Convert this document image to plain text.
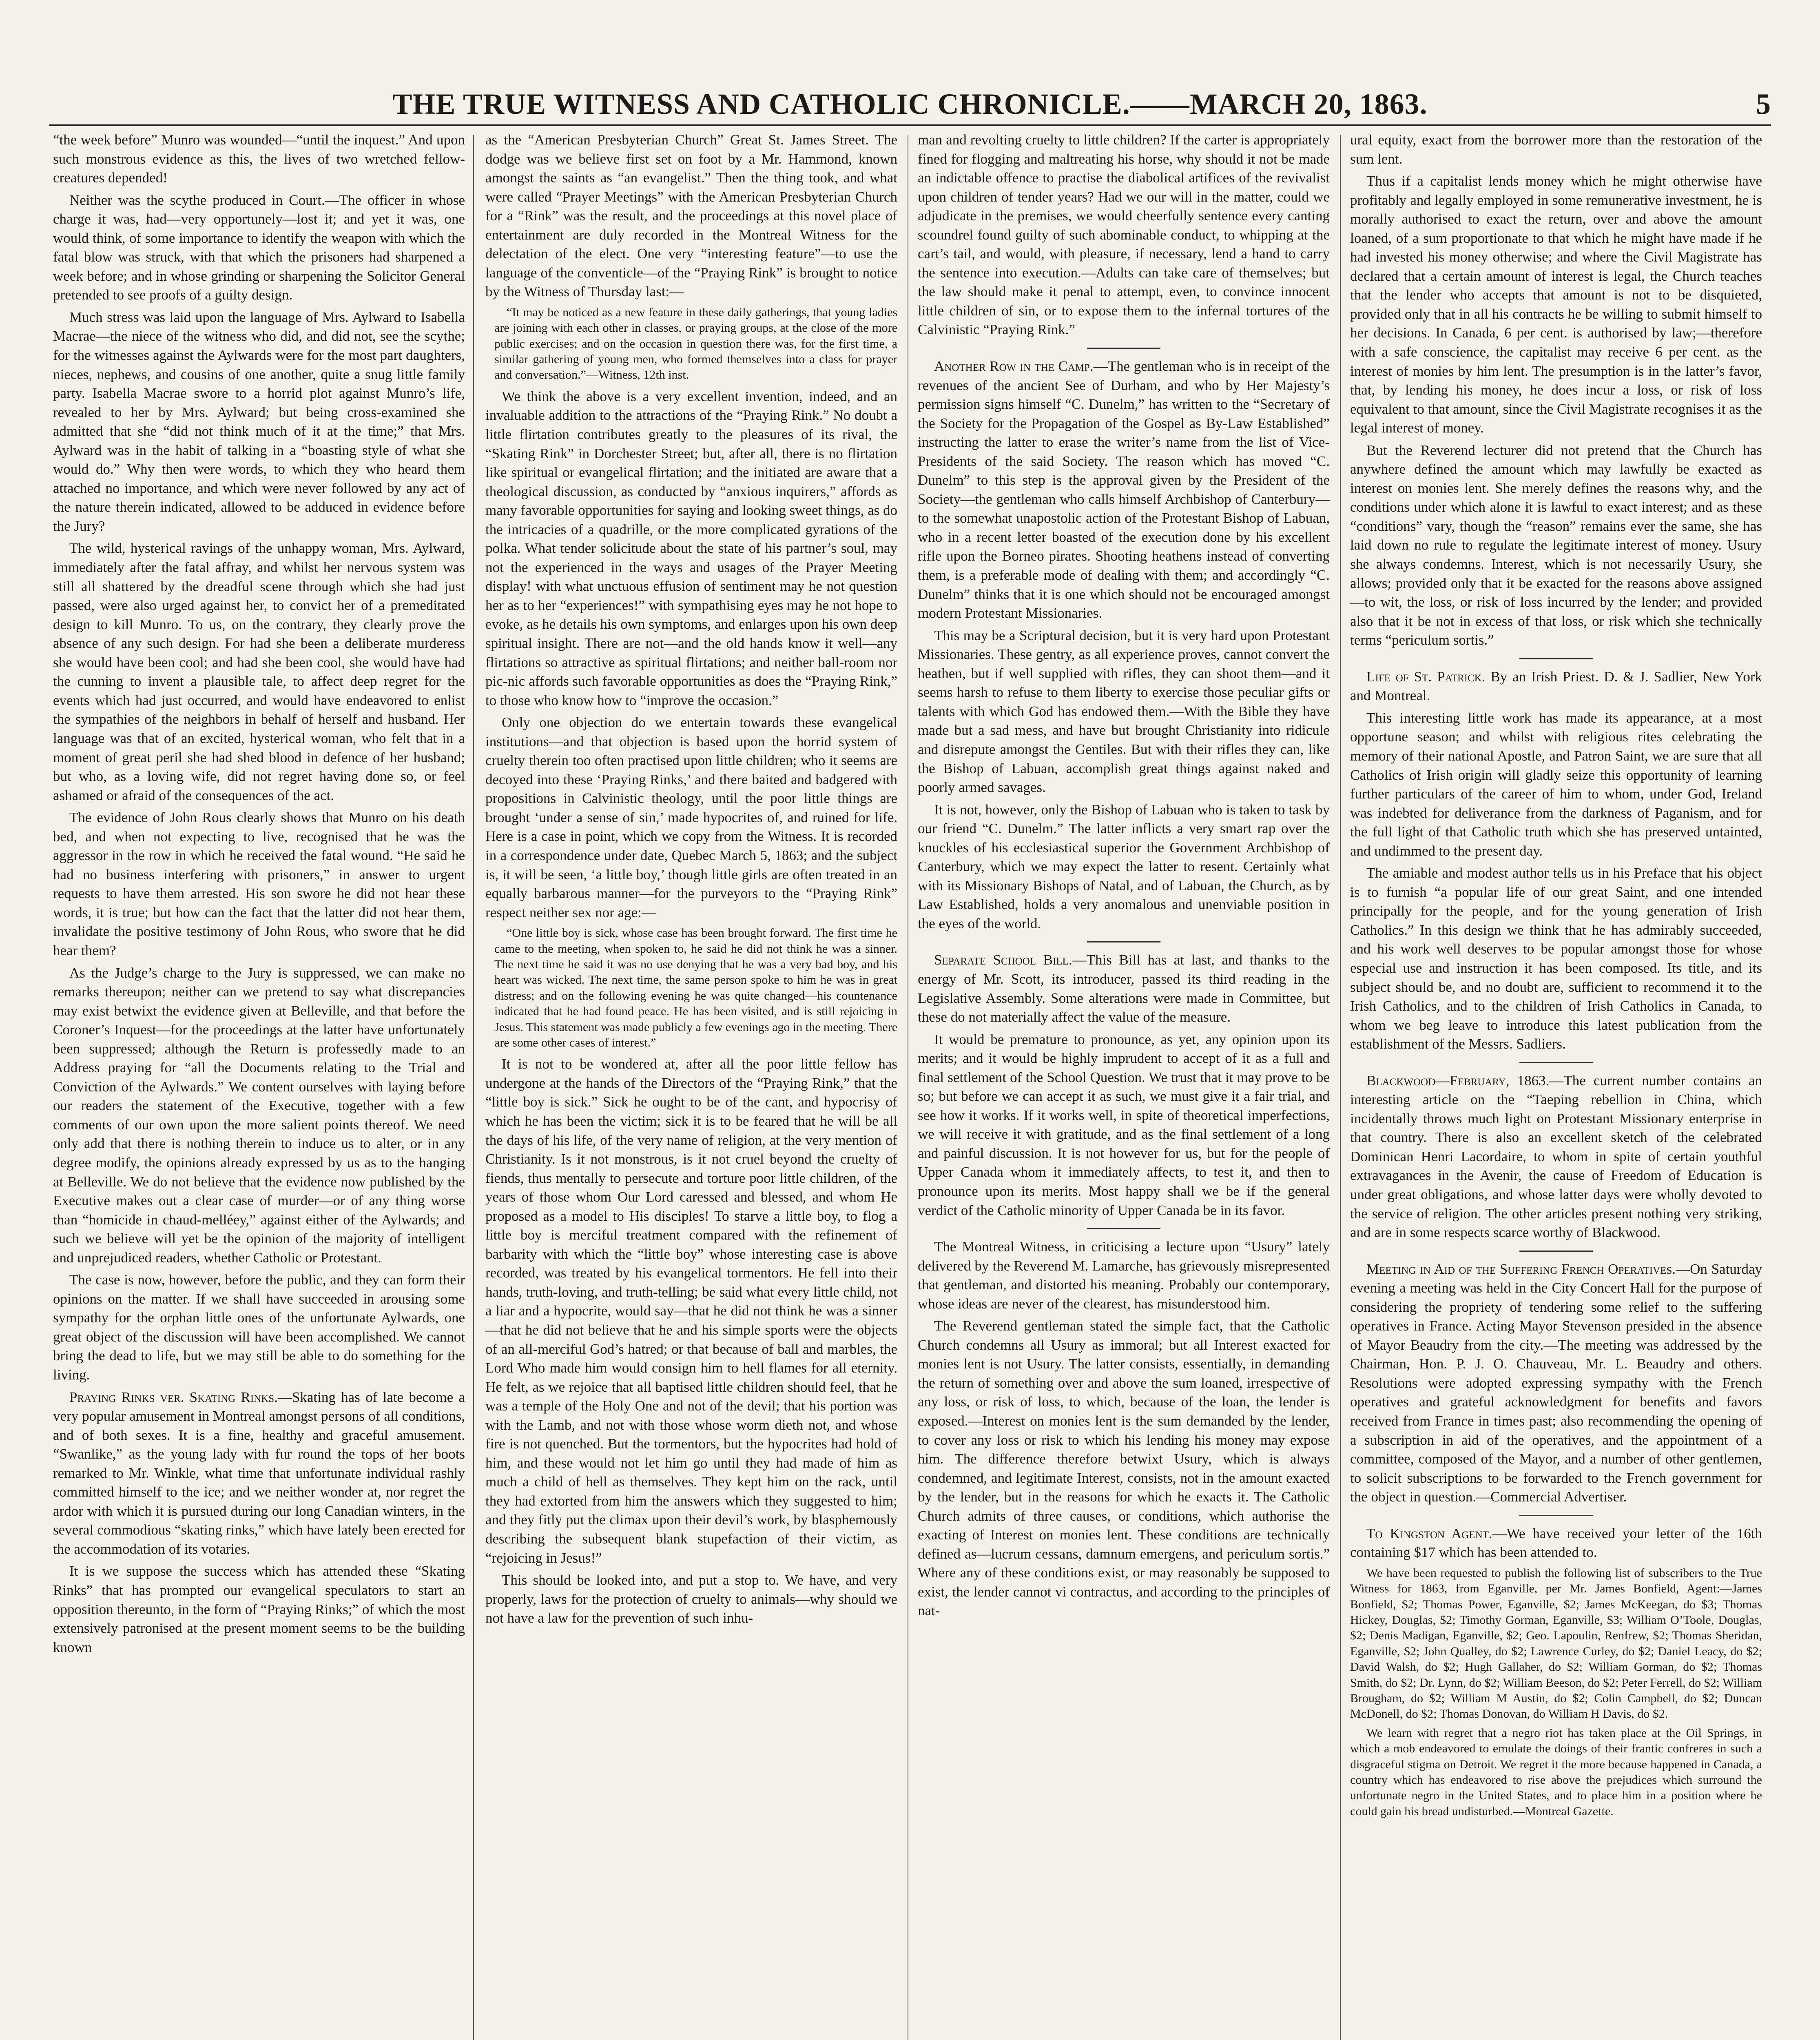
THE TRUE WITNESS AND CATHOLIC CHRONICLE.——MARCH 20, 1863.	5

“the week before” Munro was wounded—“until the inquest.” And upon such monstrous evidence as this, the lives of two wretched fellow-creatures depended!

Neither was the scythe produced in Court.—The officer in whose charge it was, had—very opportunely—lost it; and yet it was, one would think, of some importance to identify the weapon with which the fatal blow was struck, with that which the prisoners had sharpened a week before; and in whose grinding or sharpening the Solicitor General pretended to see proofs of a guilty design.

Much stress was laid upon the language of Mrs. Aylward to Isabella Macrae—the niece of the witness who did, and did not, see the scythe; for the witnesses against the Aylwards were for the most part daughters, nieces, nephews, and cousins of one another, quite a snug little family party. Isabella Macrae swore to a horrid plot against Munro’s life, revealed to her by Mrs. Aylward; but being cross-examined she admitted that she “did not think much of it at the time;” that Mrs. Aylward was in the habit of talking in a “boasting style of what she would do.” Why then were words, to which they who heard them attached no importance, and which were never followed by any act of the nature therein indicated, allowed to be adduced in evidence before the Jury?

The wild, hysterical ravings of the unhappy woman, Mrs. Aylward, immediately after the fatal affray, and whilst her nervous system was still all shattered by the dreadful scene through which she had just passed, were also urged against her, to convict her of a premeditated design to kill Munro. To us, on the contrary, they clearly prove the absence of any such design. For had she been a deliberate murderess she would have been cool; and had she been cool, she would have had the cunning to invent a plausible tale, to affect deep regret for the events which had just occurred, and would have endeavored to enlist the sympathies of the neighbors in behalf of herself and husband. Her language was that of an excited, hysterical woman, who felt that in a moment of great peril she had shed blood in defence of her husband; but who, as a loving wife, did not regret having done so, or feel ashamed or afraid of the consequences of the act.

The evidence of John Rous clearly shows that Munro on his death bed, and when not expecting to live, recognised that he was the aggressor in the row in which he received the fatal wound. “He said he had no business interfering with prisoners,” in answer to urgent requests to have them arrested. His son swore he did not hear these words, it is true; but how can the fact that the latter did not hear them, invalidate the positive testimony of John Rous, who swore that he did hear them?

As the Judge’s charge to the Jury is suppressed, we can make no remarks thereupon; neither can we pretend to say what discrepancies may exist betwixt the evidence given at Belleville, and that before the Coroner’s Inquest—for the proceedings at the latter have unfortunately been suppressed; although the Return is professedly made to an Address praying for “all the Documents relating to the Trial and Conviction of the Aylwards.” We content ourselves with laying before our readers the statement of the Executive, together with a few comments of our own upon the more salient points thereof. We need only add that there is nothing therein to induce us to alter, or in any degree modify, the opinions already expressed by us as to the hanging at Belleville. We do not believe that the evidence now published by the Executive makes out a clear case of murder—or of any thing worse than “homicide in chaud-melléey,” against either of the Aylwards; and such we believe will yet be the opinion of the majority of intelligent and unprejudiced readers, whether Catholic or Protestant.

The case is now, however, before the public, and they can form their opinions on the matter. If we shall have succeeded in arousing some sympathy for the orphan little ones of the unfortunate Aylwards, one great object of the discussion will have been accomplished. We cannot bring the dead to life, but we may still be able to do something for the living.

Praying Rinks ver. Skating Rinks.—Skating has of late become a very popular amusement in Montreal amongst persons of all conditions, and of both sexes. It is a fine, healthy and graceful amusement. “Swanlike,” as the young lady with fur round the tops of her boots remarked to Mr. Winkle, what time that unfortunate individual rashly committed himself to the ice; and we neither wonder at, nor regret the ardor with which it is pursued during our long Canadian winters, in the several commodious “skating rinks,” which have lately been erected for the accommodation of its votaries.

It is we suppose the success which has attended these “Skating Rinks” that has prompted our evangelical speculators to start an opposition thereunto, in the form of “Praying Rinks;” of which the most extensively patronised at the present moment seems to be the building known

as the “American Presbyterian Church” Great St. James Street. The dodge was we believe first set on foot by a Mr. Hammond, known amongst the saints as “an evangelist.” Then the thing took, and what were called “Prayer Meetings” with the American Presbyterian Church for a “Rink” was the result, and the proceedings at this novel place of entertainment are duly recorded in the Montreal Witness for the delectation of the elect. One very “interesting feature”—to use the language of the conventicle—of the “Praying Rink” is brought to notice by the Witness of Thursday last:—

“It may be noticed as a new feature in these daily gatherings, that young ladies are joining with each other in classes, or praying groups, at the close of the more public exercises; and on the occasion in question there was, for the first time, a similar gathering of young men, who formed themselves into a class for prayer and conversation.”—Witness, 12th inst.

We think the above is a very excellent invention, indeed, and an invaluable addition to the attractions of the “Praying Rink.” No doubt a little flirtation contributes greatly to the pleasures of its rival, the “Skating Rink” in Dorchester Street; but, after all, there is no flirtation like spiritual or evangelical flirtation; and the initiated are aware that a theological discussion, as conducted by “anxious inquirers,” affords as many favorable opportunities for saying and looking sweet things, as do the intricacies of a quadrille, or the more complicated gyrations of the polka. What tender solicitude about the state of his partner’s soul, may not the experienced in the ways and usages of the Prayer Meeting display! with what unctuous effusion of sentiment may he not question her as to her “experiences!” with sympathising eyes may he not hope to evoke, as he details his own symptoms, and enlarges upon his own deep spiritual insight. There are not—and the old hands know it well—any flirtations so attractive as spiritual flirtations; and neither ball-room nor pic-nic affords such favorable opportunities as does the “Praying Rink,” to those who know how to “improve the occasion.”

Only one objection do we entertain towards these evangelical institutions—and that objection is based upon the horrid system of cruelty therein too often practised upon little children; who it seems are decoyed into these ‘Praying Rinks,’ and there baited and badgered with propositions in Calvinistic theology, until the poor little things are brought ‘under a sense of sin,’ made hypocrites of, and ruined for life. Here is a case in point, which we copy from the Witness. It is recorded in a correspondence under date, Quebec March 5, 1863; and the subject is, it will be seen, ‘a little boy,’ though little girls are often treated in an equally barbarous manner—for the purveyors to the “Praying Rink” respect neither sex nor age:—

“One little boy is sick, whose case has been brought forward. The first time he came to the meeting, when spoken to, he said he did not think he was a sinner. The next time he said it was no use denying that he was a very bad boy, and his heart was wicked. The next time, the same person spoke to him he was in great distress; and on the following evening he was quite changed—his countenance indicated that he had found peace. He has been visited, and is still rejoicing in Jesus. This statement was made publicly a few evenings ago in the meeting. There are some other cases of interest.”

It is not to be wondered at, after all the poor little fellow has undergone at the hands of the Directors of the “Praying Rink,” that the “little boy is sick.” Sick he ought to be of the cant, and hypocrisy of which he has been the victim; sick it is to be feared that he will be all the days of his life, of the very name of religion, at the very mention of Christianity. Is it not monstrous, is it not cruel beyond the cruelty of fiends, thus mentally to persecute and torture poor little children, of the years of those whom Our Lord caressed and blessed, and whom He proposed as a model to His disciples! To starve a little boy, to flog a little boy is merciful treatment compared with the refinement of barbarity with which the “little boy” whose interesting case is above recorded, was treated by his evangelical tormentors. He fell into their hands, truth-loving, and truth-telling; be said what every little child, not a liar and a hypocrite, would say—that he did not think he was a sinner—that he did not believe that he and his simple sports were the objects of an all-merciful God’s hatred; or that because of ball and marbles, the Lord Who made him would consign him to hell flames for all eternity. He felt, as we rejoice that all baptised little children should feel, that he was a temple of the Holy One and not of the devil; that his portion was with the Lamb, and not with those whose worm dieth not, and whose fire is not quenched. But the tormentors, but the hypocrites had hold of him, and these would not let him go until they had made of him as much a child of hell as themselves. They kept him on the rack, until they had extorted from him the answers which they suggested to him; and they fitly put the climax upon their devil’s work, by blasphemously describing the subsequent blank stupefaction of their victim, as “rejoicing in Jesus!”

This should be looked into, and put a stop to. We have, and very properly, laws for the protection of cruelty to animals—why should we not have a law for the prevention of such inhu-

man and revolting cruelty to little children? If the carter is appropriately fined for flogging and maltreating his horse, why should it not be made an indictable offence to practise the diabolical artifices of the revivalist upon children of tender years? Had we our will in the matter, could we adjudicate in the premises, we would cheerfully sentence every canting scoundrel found guilty of such abominable conduct, to whipping at the cart’s tail, and would, with pleasure, if necessary, lend a hand to carry the sentence into execution.—Adults can take care of themselves; but the law should make it penal to attempt, even, to convince innocent little children of sin, or to expose them to the infernal tortures of the Calvinistic “Praying Rink.”

Another Row in the Camp.—The gentleman who is in receipt of the revenues of the ancient See of Durham, and who by Her Majesty’s permission signs himself “C. Dunelm,” has written to the “Secretary of the Society for the Propagation of the Gospel as By-Law Established” instructing the latter to erase the writer’s name from the list of Vice-Presidents of the said Society. The reason which has moved “C. Dunelm” to this step is the approval given by the President of the Society—the gentleman who calls himself Archbishop of Canterbury—to the somewhat unapostolic action of the Protestant Bishop of Labuan, who in a recent letter boasted of the execution done by his excellent rifle upon the Borneo pirates. Shooting heathens instead of converting them, is a preferable mode of dealing with them; and accordingly “C. Dunelm” thinks that it is one which should not be encouraged amongst modern Protestant Missionaries.

This may be a Scriptural decision, but it is very hard upon Protestant Missionaries. These gentry, as all experience proves, cannot convert the heathen, but if well supplied with rifles, they can shoot them—and it seems harsh to refuse to them liberty to exercise those peculiar gifts or talents with which God has endowed them.—With the Bible they have made but a sad mess, and have but brought Christianity into ridicule and disrepute amongst the Gentiles. But with their rifles they can, like the Bishop of Labuan, accomplish great things against naked and poorly armed savages.

It is not, however, only the Bishop of Labuan who is taken to task by our friend “C. Dunelm.” The latter inflicts a very smart rap over the knuckles of his ecclesiastical superior the Government Archbishop of Canterbury, which we may expect the latter to resent. Certainly what with its Missionary Bishops of Natal, and of Labuan, the Church, as by Law Established, holds a very anomalous and unenviable position in the eyes of the world.

Separate School Bill.—This Bill has at last, and thanks to the energy of Mr. Scott, its introducer, passed its third reading in the Legislative Assembly. Some alterations were made in Committee, but these do not materially affect the value of the measure.

It would be premature to pronounce, as yet, any opinion upon its merits; and it would be highly imprudent to accept of it as a full and final settlement of the School Question. We trust that it may prove to be so; but before we can accept it as such, we must give it a fair trial, and see how it works. If it works well, in spite of theoretical imperfections, we will receive it with gratitude, and as the final settlement of a long and painful discussion. It is not however for us, but for the people of Upper Canada whom it immediately affects, to test it, and then to pronounce upon its merits. Most happy shall we be if the general verdict of the Catholic minority of Upper Canada be in its favor.

The Montreal Witness, in criticising a lecture upon “Usury” lately delivered by the Reverend M. Lamarche, has grievously misrepresented that gentleman, and distorted his meaning. Probably our contemporary, whose ideas are never of the clearest, has misunderstood him.

The Reverend gentleman stated the simple fact, that the Catholic Church condemns all Usury as immoral; but all Interest exacted for monies lent is not Usury. The latter consists, essentially, in demanding the return of something over and above the sum loaned, irrespective of any loss, or risk of loss, to which, because of the loan, the lender is exposed.—Interest on monies lent is the sum demanded by the lender, to cover any loss or risk to which his lending his money may expose him. The difference therefore betwixt Usury, which is always condemned, and legitimate Interest, consists, not in the amount exacted by the lender, but in the reasons for which he exacts it. The Catholic Church admits of three causes, or conditions, which authorise the exacting of Interest on monies lent. These conditions are technically defined as—lucrum cessans, damnum emergens, and periculum sortis.” Where any of these conditions exist, or may reasonably be supposed to exist, the lender cannot vi contractus, and according to the principles of nat-

ural equity, exact from the borrower more than the restoration of the sum lent.

Thus if a capitalist lends money which he might otherwise have profitably and legally employed in some remunerative investment, he is morally authorised to exact the return, over and above the amount loaned, of a sum proportionate to that which he might have made if he had invested his money otherwise; and where the Civil Magistrate has declared that a certain amount of interest is legal, the Church teaches that the lender who accepts that amount is not to be disquieted, provided only that in all his contracts he be willing to submit himself to her decisions. In Canada, 6 per cent. is authorised by law;—therefore with a safe conscience, the capitalist may receive 6 per cent. as the interest of monies by him lent. The presumption is in the latter’s favor, that, by lending his money, he does incur a loss, or risk of loss equivalent to that amount, since the Civil Magistrate recognises it as the legal interest of money.

But the Reverend lecturer did not pretend that the Church has anywhere defined the amount which may lawfully be exacted as interest on monies lent. She merely defines the reasons why, and the conditions under which alone it is lawful to exact interest; and as these “conditions” vary, though the “reason” remains ever the same, she has laid down no rule to regulate the legitimate interest of money. Usury she always condemns. Interest, which is not necessarily Usury, she allows; provided only that it be exacted for the reasons above assigned—to wit, the loss, or risk of loss incurred by the lender; and provided also that it be not in excess of that loss, or risk which she technically terms “periculum sortis.”

Life of St. Patrick. By an Irish Priest. D. & J. Sadlier, New York and Montreal.

This interesting little work has made its appearance, at a most opportune season; and whilst with religious rites celebrating the memory of their national Apostle, and Patron Saint, we are sure that all Catholics of Irish origin will gladly seize this opportunity of learning further particulars of the career of him to whom, under God, Ireland was indebted for deliverance from the darkness of Paganism, and for the full light of that Catholic truth which she has preserved untainted, and undimmed to the present day.

The amiable and modest author tells us in his Preface that his object is to furnish “a popular life of our great Saint, and one intended principally for the people, and for the young generation of Irish Catholics.” In this design we think that he has admirably succeeded, and his work well deserves to be popular amongst those for whose especial use and instruction it has been composed. Its title, and its subject should be, and no doubt are, sufficient to recommend it to the Irish Catholics, and to the children of Irish Catholics in Canada, to whom we beg leave to introduce this latest publication from the establishment of the Messrs. Sadliers.

Blackwood—February, 1863.—The current number contains an interesting article on the “Taeping rebellion in China, which incidentally throws much light on Protestant Missionary enterprise in that country. There is also an excellent sketch of the celebrated Dominican Henri Lacordaire, to whom in spite of certain youthful extravagances in the Avenir, the cause of Freedom of Education is under great obligations, and whose latter days were wholly devoted to the service of religion. The other articles present nothing very striking, and are in some respects scarce worthy of Blackwood.

Meeting in Aid of the Suffering French Operatives.—On Saturday evening a meeting was held in the City Concert Hall for the purpose of considering the propriety of tendering some relief to the suffering operatives in France. Acting Mayor Stevenson presided in the absence of Mayor Beaudry from the city.—The meeting was addressed by the Chairman, Hon. P. J. O. Chauveau, Mr. L. Beaudry and others. Resolutions were adopted expressing sympathy with the French operatives and grateful acknowledgment for benefits and favors received from France in times past; also recommending the opening of a subscription in aid of the operatives, and the appointment of a committee, composed of the Mayor, and a number of other gentlemen, to solicit subscriptions to be forwarded to the French government for the object in question.—Commercial Advertiser.

To Kingston Agent.—We have received your letter of the 16th containing $17 which has been attended to.

We have been requested to publish the following list of subscribers to the True Witness for 1863, from Eganville, per Mr. James Bonfield, Agent:—James Bonfield, $2; Thomas Power, Eganville, $2; James McKeegan, do $3; Thomas Hickey, Douglas, $2; Timothy Gorman, Eganville, $3; William O’Toole, Douglas, $2; Denis Madigan, Eganville, $2; Geo. Lapoulin, Renfrew, $2; Thomas Sheridan, Eganville, $2; John Qualley, do $2; Lawrence Curley, do $2; Daniel Leacy, do $2; David Walsh, do $2; Hugh Gallaher, do $2; William Gorman, do $2; Thomas Smith, do $2; Dr. Lynn, do $2; William Beeson, do $2; Peter Ferrell, do $2; William Brougham, do $2; William M Austin, do $2; Colin Campbell, do $2; Duncan McDonell, do $2; Thomas Donovan, do William H Davis, do $2.

We learn with regret that a negro riot has taken place at the Oil Springs, in which a mob endeavored to emulate the doings of their frantic confreres in such a disgraceful stigma on Detroit. We regret it the more because happened in Canada, a country which has endeavored to rise above the prejudices which surround the unfortunate negro in the United States, and to place him in a position where he could gain his bread undisturbed.—Montreal Gazette.
